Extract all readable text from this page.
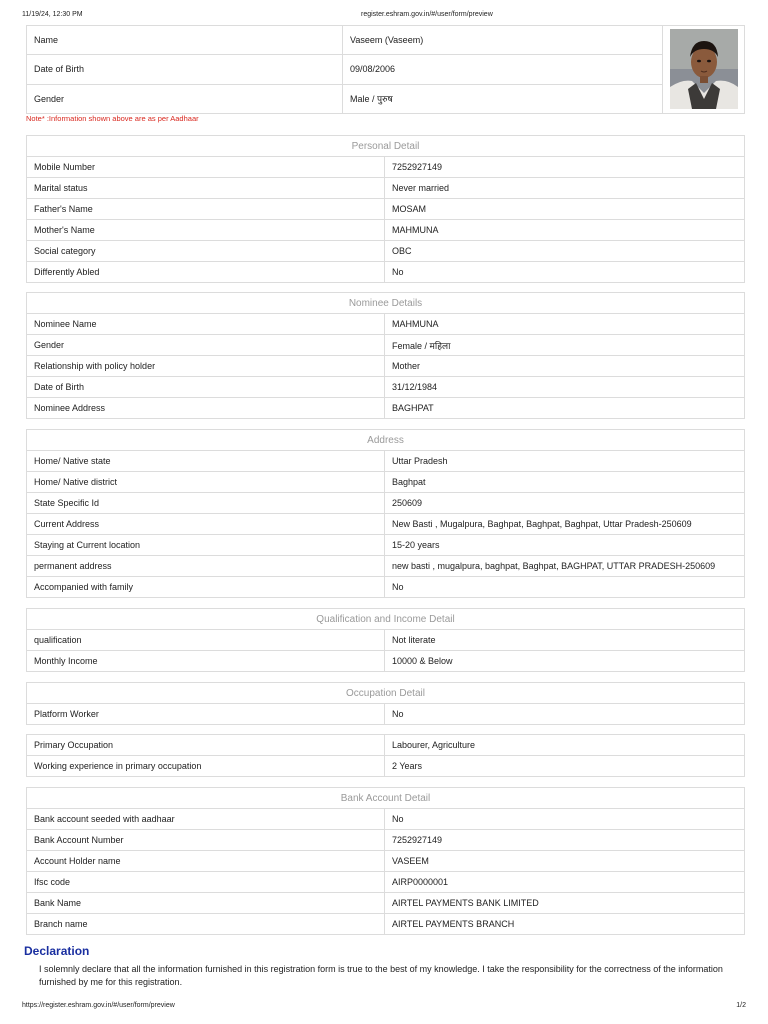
11/19/24, 12:30 PM	register.eshram.gov.in/#/user/form/preview
Name	Vaseem (Vaseem)	
Date of Birth	09/08/2006	
Gender	Male / पुरुष	
Note* :Information shown above are as per Aadhaar
Personal Detail	
Mobile Number	7252927149
Marital status	Never married
Father's Name	MOSAM
Mother's Name	MAHMUNA
Social category	OBC
Differently Abled	No
Nominee Details	
Nominee Name	MAHMUNA
Gender	Female / महिला
Relationship with policy holder	Mother
Date of Birth	31/12/1984
Nominee Address	BAGHPAT
Address	
Home/ Native state	Uttar Pradesh
Home/ Native district	Baghpat
State Specific Id	250609
Current Address	New Basti , Mugalpura, Baghpat, Baghpat, Baghpat, Uttar Pradesh-250609
Staying at Current location	15-20 years
permanent address	new basti , mugalpura, baghpat, Baghpat, BAGHPAT, UTTAR PRADESH-250609
Accompanied with family	No
Qualification and Income Detail	
qualification	Not literate
Monthly Income	10000 & Below
Occupation Detail
Platform Worker	No
Primary Occupation	Labourer, Agriculture
Working experience in primary occupation	2 Years
Bank Account Detail	
Bank account seeded with aadhaar	No
Bank Account Number	7252927149
Account Holder name	VASEEM
Ifsc code	AIRP0000001
Bank Name	AIRTEL PAYMENTS BANK LIMITED
Branch name	AIRTEL PAYMENTS BRANCH
Declaration
I solemnly declare that all the information furnished in this registration form is true to the best of my knowledge. I take the responsibility for the correctness of the information furnished by me for this registration.
https://register.eshram.gov.in/#/user/form/preview	1/2
